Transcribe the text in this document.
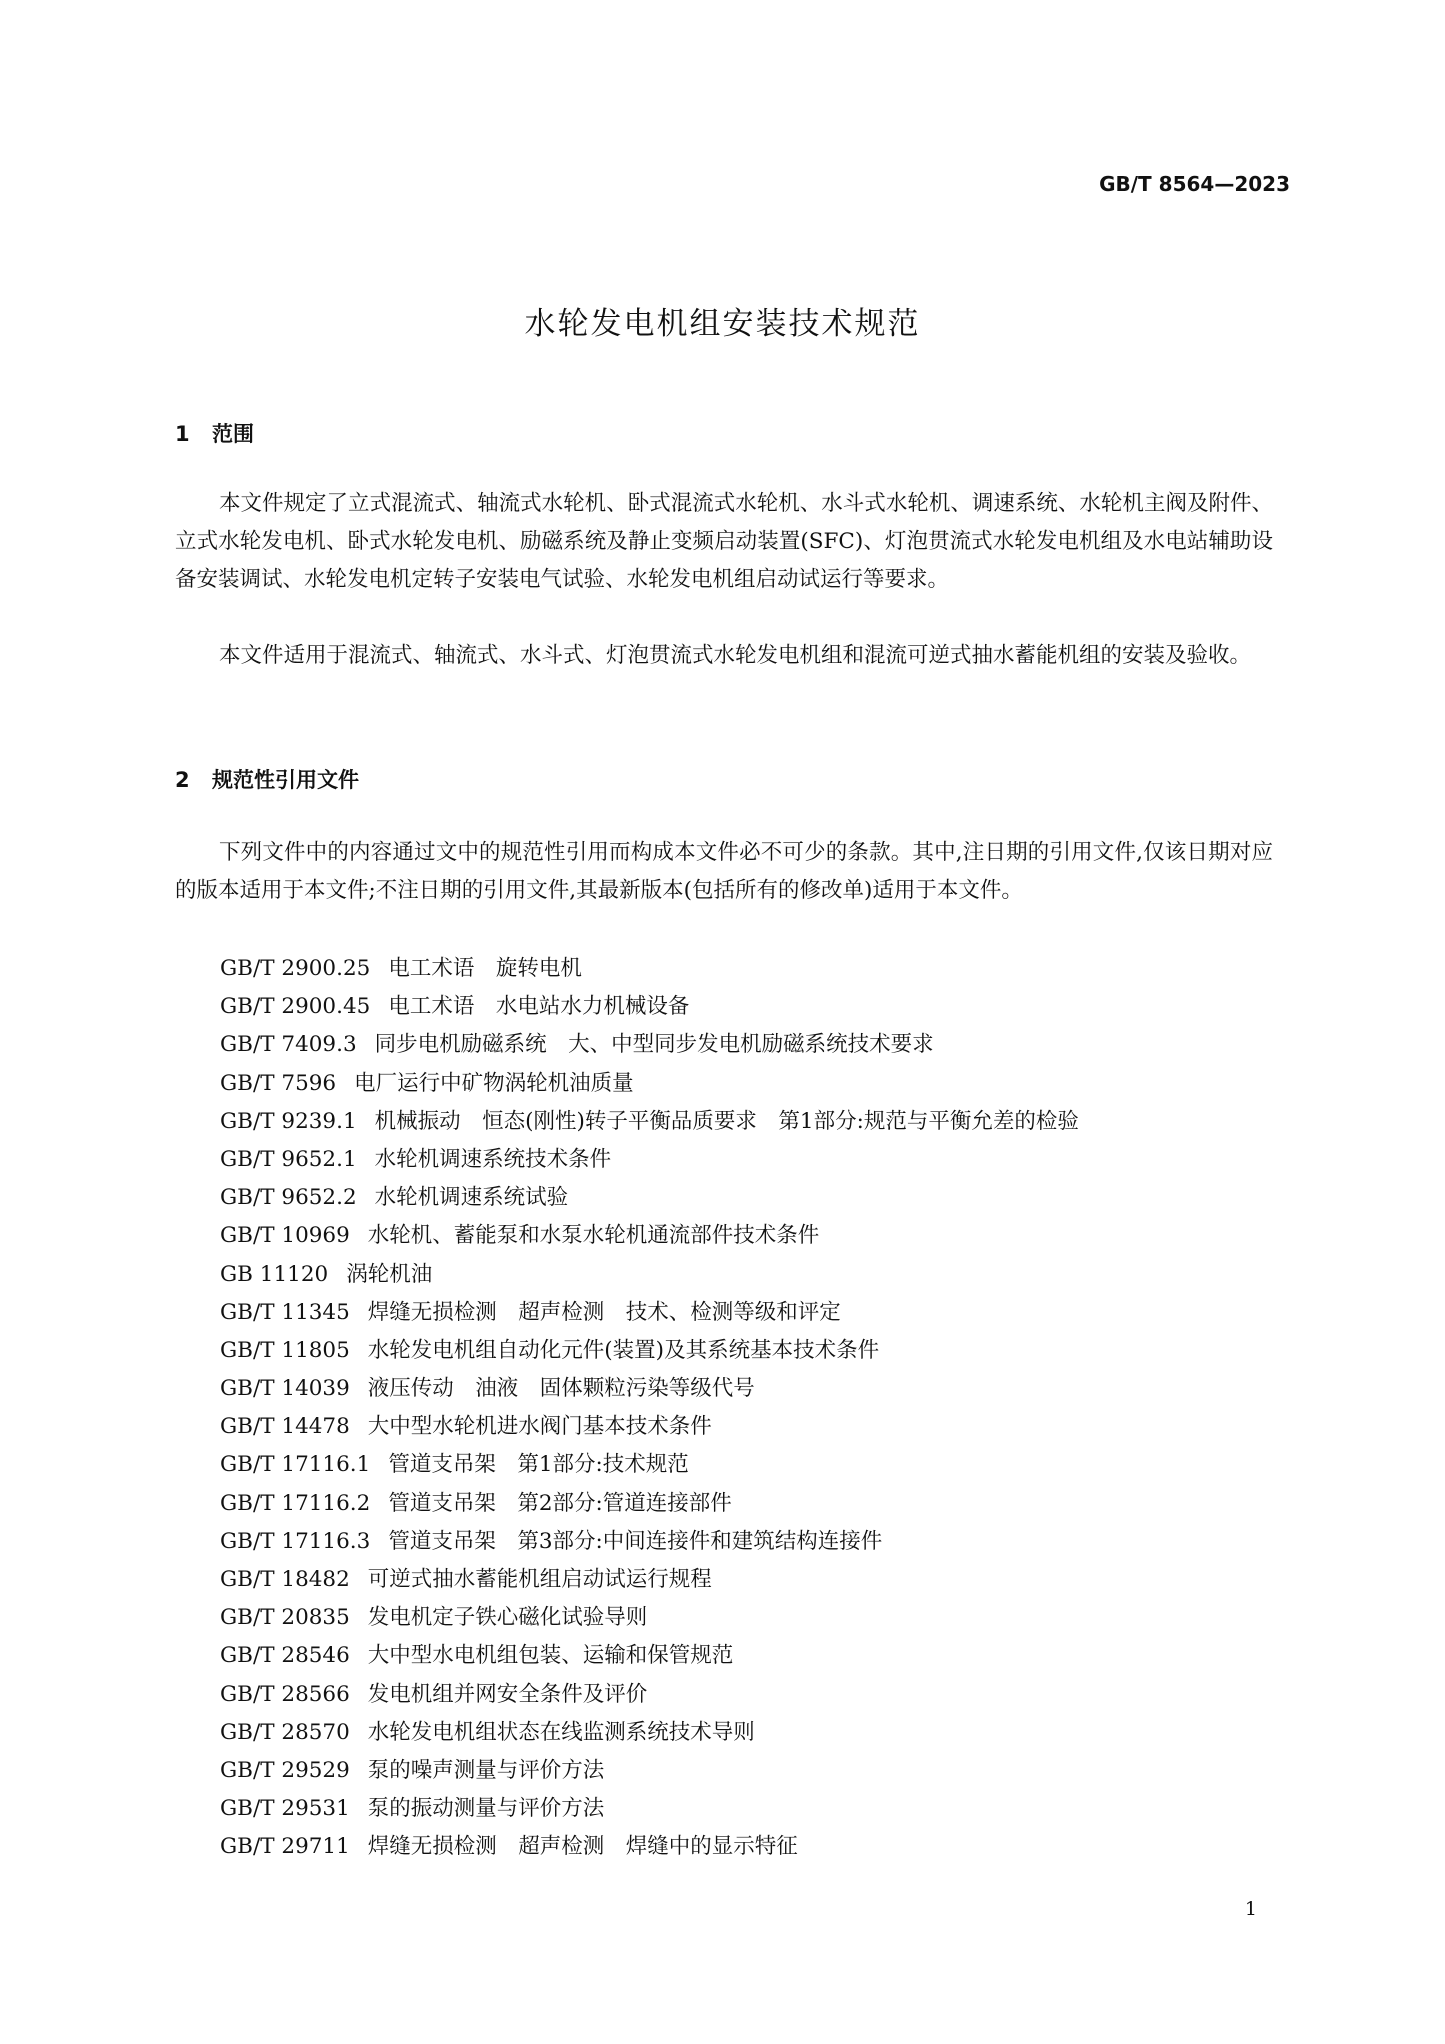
GB/T 8564—2023
水轮发电机组安装技术规范
1 范围

本文件规定了立式混流式、轴流式水轮机、卧式混流式水轮机、水斗式水轮机、调速系统、水轮机主阀及附件、立式水轮发电机、卧式水轮发电机、励磁系统及静止变频启动装置(SFC)、灯泡贯流式水轮发电机组及水电站辅助设备安装调试、水轮发电机定转子安装电气试验、水轮发电机组启动试运行等要求。

本文件适用于混流式、轴流式、水斗式、灯泡贯流式水轮发电机组和混流可逆式抽水蓄能机组的安装及验收。

2 规范性引用文件

下列文件中的内容通过文中的规范性引用而构成本文件必不可少的条款。其中,注日期的引用文件,仅该日期对应的版本适用于本文件;不注日期的引用文件,其最新版本(包括所有的修改单)适用于本文件。

GB/T 2900.25 电工术语　旋转电机
GB/T 2900.45 电工术语　水电站水力机械设备
GB/T 7409.3 同步电机励磁系统　大、中型同步发电机励磁系统技术要求
GB/T 7596 电厂运行中矿物涡轮机油质量
GB/T 9239.1 机械振动　恒态(刚性)转子平衡品质要求　第1部分:规范与平衡允差的检验
GB/T 9652.1 水轮机调速系统技术条件
GB/T 9652.2 水轮机调速系统试验
GB/T 10969 水轮机、蓄能泵和水泵水轮机通流部件技术条件
GB 11120 涡轮机油
GB/T 11345 焊缝无损检测　超声检测　技术、检测等级和评定
GB/T 11805 水轮发电机组自动化元件(装置)及其系统基本技术条件
GB/T 14039 液压传动　油液　固体颗粒污染等级代号
GB/T 14478 大中型水轮机进水阀门基本技术条件
GB/T 17116.1 管道支吊架　第1部分:技术规范
GB/T 17116.2 管道支吊架　第2部分:管道连接部件
GB/T 17116.3 管道支吊架　第3部分:中间连接件和建筑结构连接件
GB/T 18482 可逆式抽水蓄能机组启动试运行规程
GB/T 20835 发电机定子铁心磁化试验导则
GB/T 28546 大中型水电机组包装、运输和保管规范
GB/T 28566 发电机组并网安全条件及评价
GB/T 28570 水轮发电机组状态在线监测系统技术导则
GB/T 29529 泵的噪声测量与评价方法
GB/T 29531 泵的振动测量与评价方法
GB/T 29711 焊缝无损检测　超声检测　焊缝中的显示特征
1
